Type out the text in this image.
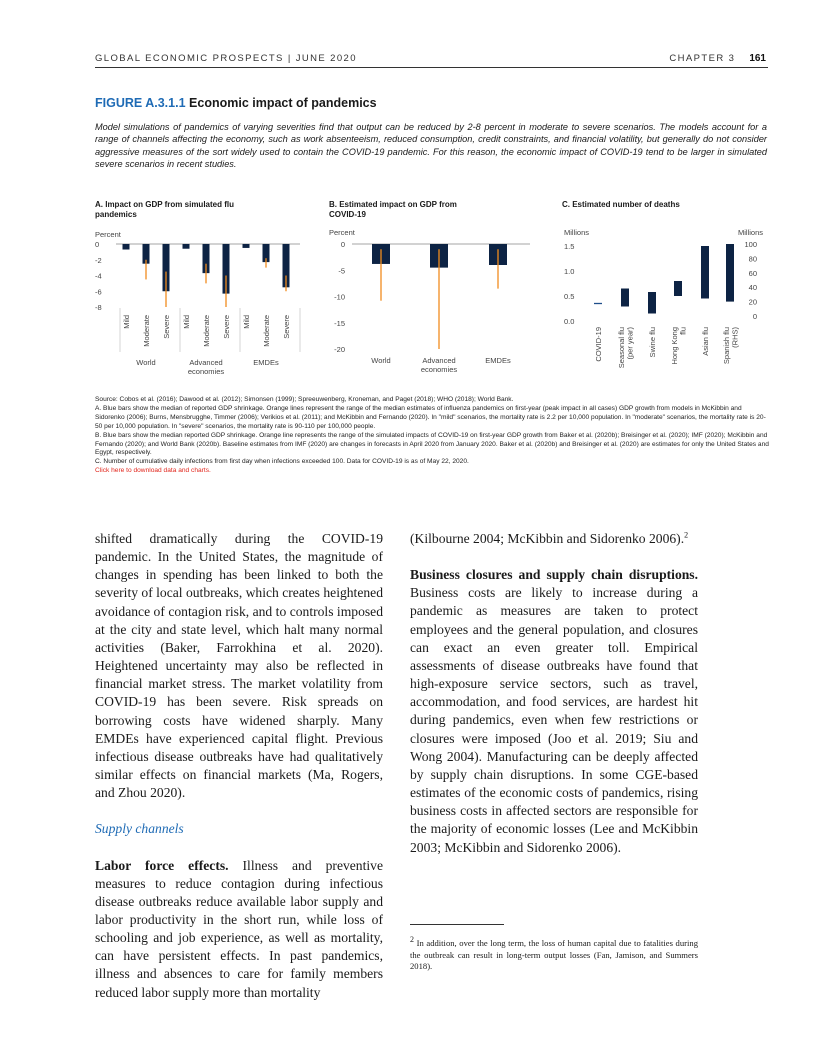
GLOBAL ECONOMIC PROSPECTS | JUNE 2020	CHAPTER 3 161
FIGURE A.3.1.1 Economic impact of pandemics
Model simulations of pandemics of varying severities find that output can be reduced by 2-8 percent in moderate to severe scenarios. The models account for a range of channels affecting the economy, such as work absenteeism, reduced consumption, credit constraints, and financial volatility, but generally do not consider aggressive measures of the sort widely used to contain the COVID-19 pandemic. For this reason, the economic impact of COVID-19 tend to be larger in simulated severe scenarios in recent studies.
A. Impact on GDP from simulated flu
pandemics
B. Estimated impact on GDP from
COVID-19
C. Estimated number of deaths
Percent
0
-2
-4
-6
-8
Mild Moderate Severe Mild Moderate Severe Mild Moderate Severe
World	Advanced
economies
EMDEs
Percent
0
-5
-10
-15
-20
World	Advanced
economies
EMDEs
Millions	Millions
1.5
1.0
0.5
0.0
100
80
60
40
20
0
COVID-19 Seasonal flu(per year) Swine flu Hong Kongflu Asian flu Spanish flu(RHS)
Source: Cobos et al. (2016); Dawood et al. (2012); Simonsen (1999); Spreeuwenberg, Kroneman, and Paget (2018); WHO (2018); World Bank.
A. Blue bars show the median of reported GDP shrinkage. Orange lines represent the range of the median estimates of influenza pandemics on first-year (peak impact in all cases) GDP growth from models in McKibbin and Sidorenko (2006); Burns, Mensbrugghe, Timmer (2006); Verikios et al. (2011); and McKibbin and Fernando (2020). In "mild" scenarios, the mortality rate is 2.2 per 10,000 population. In "moderate" scenarios, the mortality rate is 20-50 per 10,000 population. In "severe" scenarios, the mortality rate is 90-110 per 100,000 people.
B. Blue bars show the median reported GDP shrinkage. Orange line represents the range of the simulated impacts of COVID-19 on first-year GDP growth from Baker et al. (2020b); Breisinger et al. (2020); IMF (2020); McKibbin and Fernando (2020); and World Bank (2020b). Baseline estimates from IMF (2020) are changes in forecasts in April 2020 from January 2020. Baker et al. (2020b) and Breisinger et al. (2020) are estimates for only the United States and Egypt, respectively.
C. Number of cumulative daily infections from first day when infections exceeded 100. Data for COVID-19 is as of May 22, 2020.
Click here to download data and charts.

shifted dramatically during the COVID-19 pandemic. In the United States, the magnitude of changes in spending has been linked to both the severity of local outbreaks, which creates heightened avoidance of contagion risk, and to controls imposed at the city and state level, which halt many normal activities (Baker, Farrokhina et al. 2020). Heightened uncertainty may also be reflected in financial market stress. The market volatility from COVID-19 has been severe. Risk spreads on borrowing costs have widened sharply. Many EMDEs have experienced capital flight. Previous infectious disease outbreaks have had qualitatively similar effects on financial markets (Ma, Rogers, and Zhou 2020).

Supply channels

Labor force effects. Illness and preventive measures to reduce contagion during infectious disease outbreaks reduce available labor supply and labor productivity in the short run, while loss of schooling and job experience, as well as mortality, can have persistent effects. In past pandemics, illness and absences to care for family members reduced labor supply more than mortality

(Kilbourne 2004; McKibbin and Sidorenko 2006).$^2$

Business closures and supply chain disruptions. Business costs are likely to increase during a pandemic as measures are taken to protect employees and the general population, and closures can exact an even greater toll. Empirical assessments of disease outbreaks have found that high-exposure service sectors, such as travel, accommodation, and food services, are hardest hit during pandemics, even when few restrictions or closures were imposed (Joo et al. 2019; Siu and Wong 2004). Manufacturing can be deeply affected by supply chain disruptions. In some CGE-based estimates of the economic costs of pandemics, rising business costs in affected sectors are responsible for the majority of economic losses (Lee and McKibbin 2003; McKibbin and Sidorenko 2006).

$^2$ In addition, over the long term, the loss of human capital due to fatalities during the outbreak can result in long-term output losses (Fan, Jamison, and Summers 2018).
